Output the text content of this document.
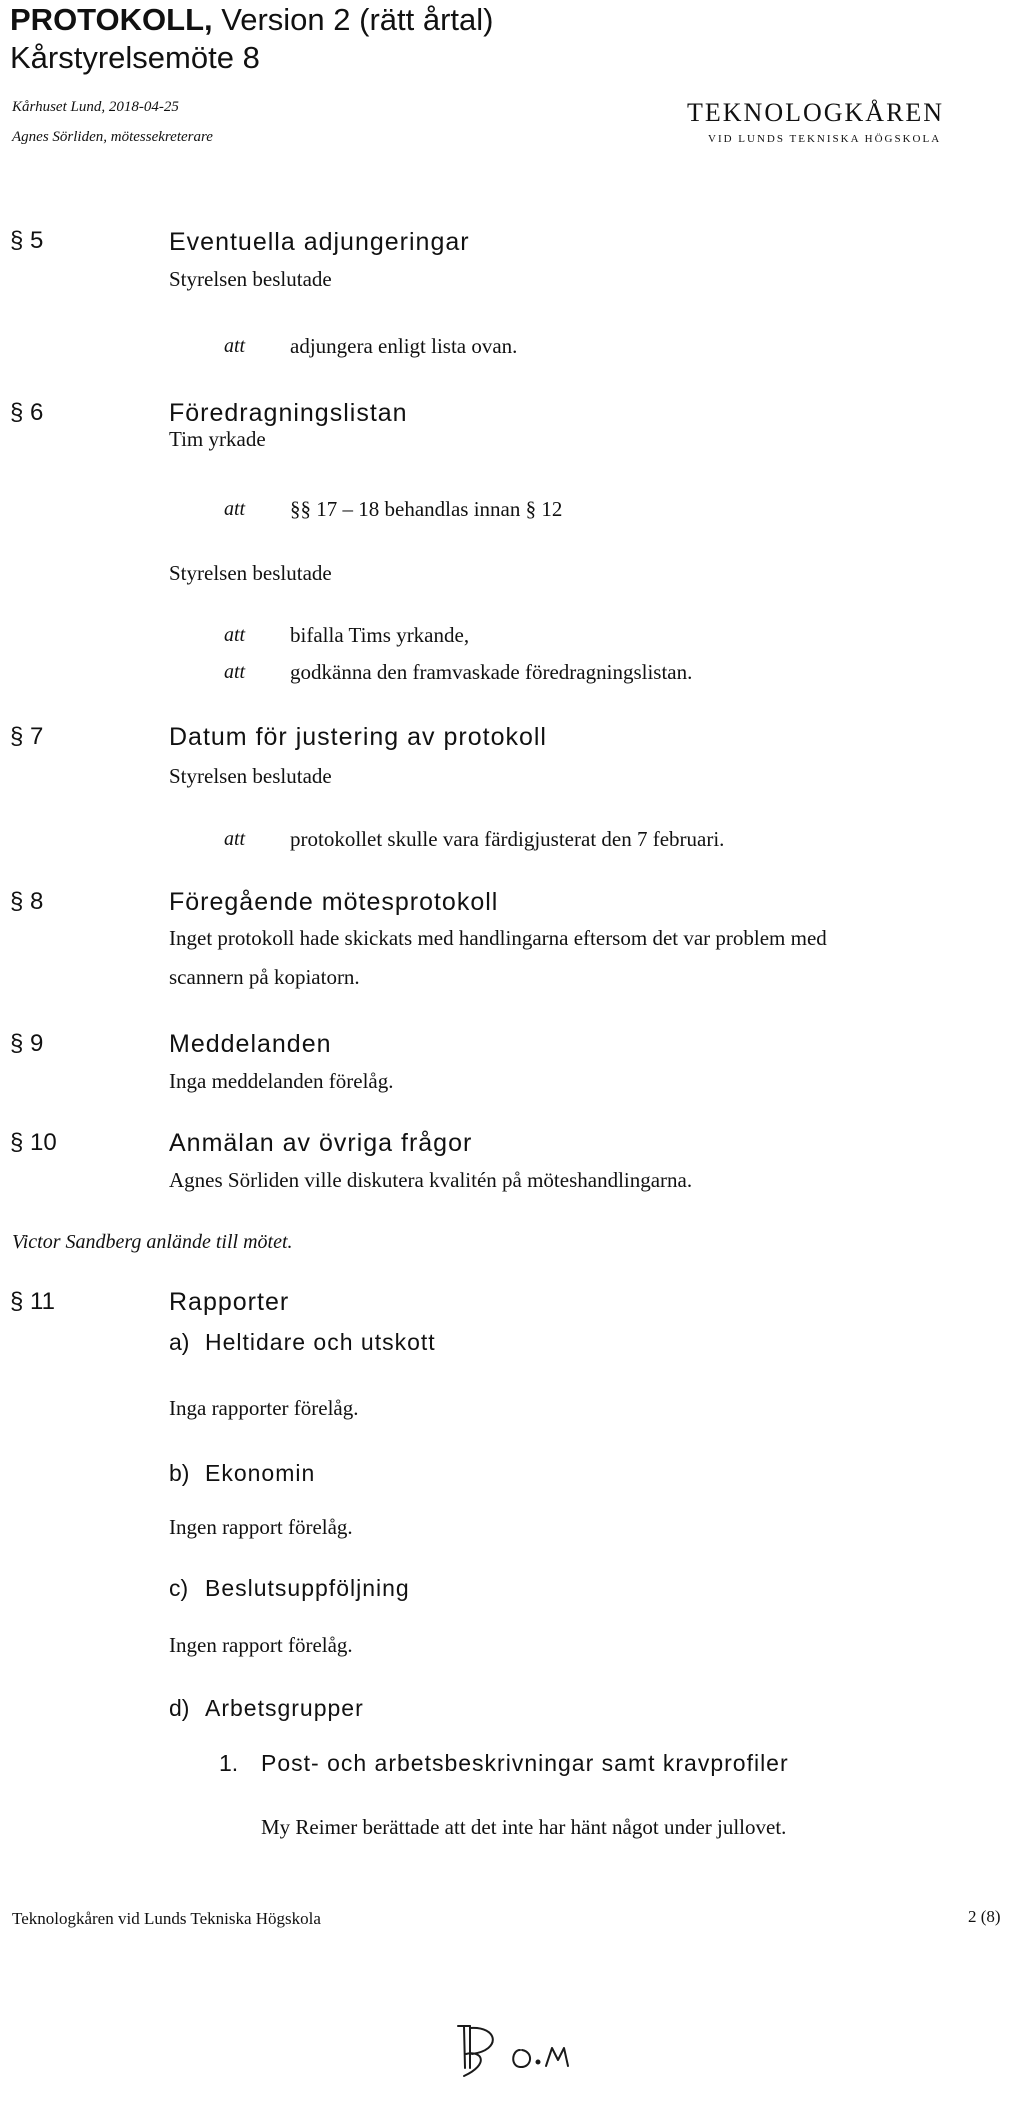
PROTOKOLL, Version 2 (rätt årtal)
Kårstyrelsemöte 8
Kårhuset Lund, 2018-04-25
Agnes Sörliden, mötessekreterare
TEKNOLOGKÅREN
VID LUNDS TEKNISKA HÖGSKOLA
§ 5	Eventuella adjungeringar
Styrelsen beslutade
att adjungera enligt lista ovan.
§ 6	Föredragningslistan
Tim yrkade
att §§ 17 – 18 behandlas innan § 12
Styrelsen beslutade
att bifalla Tims yrkande,
att godkänna den framvaskade föredragningslistan.
§ 7	Datum för justering av protokoll
Styrelsen beslutade
att protokollet skulle vara färdigjusterat den 7 februari.
§ 8	Föregående mötesprotokoll
Inget protokoll hade skickats med handlingarna eftersom det var problem med
scannern på kopiatorn.
§ 9	Meddelanden
Inga meddelanden förelåg.
§ 10	Anmälan av övriga frågor
Agnes Sörliden ville diskutera kvalitén på möteshandlingarna.
Victor Sandberg anlände till mötet.
§ 11	Rapporter
a) Heltidare och utskott
Inga rapporter förelåg.
b) Ekonomin
Ingen rapport förelåg.
c) Beslutsuppföljning
Ingen rapport förelåg.
d) Arbetsgrupper
1. Post- och arbetsbeskrivningar samt kravprofiler
My Reimer berättade att det inte har hänt något under jullovet.
Teknologkåren vid Lunds Tekniska Högskola	2 (8)
